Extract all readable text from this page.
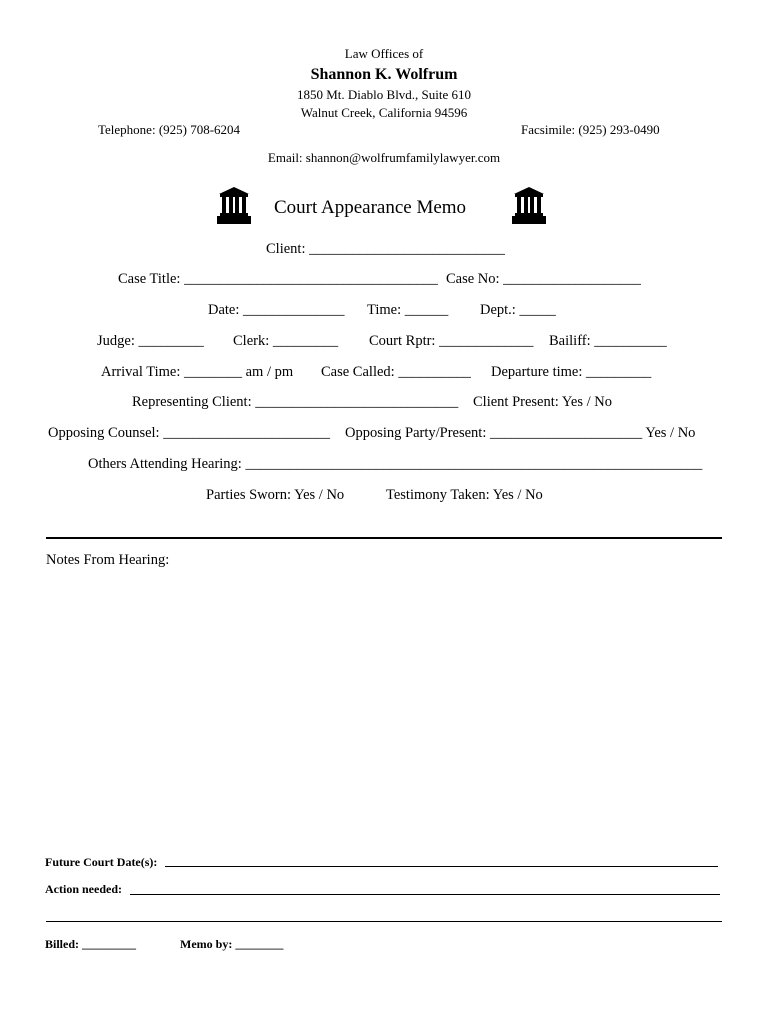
Law Offices of
Shannon K. Wolfrum
1850 Mt. Diablo Blvd., Suite 610
Walnut Creek, California 94596
Telephone: (925) 708-6204	Facsimile: (925) 293-0490
Email: shannon@wolfrumfamilylawyer.com
Court Appearance Memo
Client: ___________________________
Case Title: ___________________________________ Case No: ___________________
Date: ______________ Time: ______ Dept.: _____
Judge: _________ Clerk: _________ Court Rptr: _____________ Bailiff: __________
Arrival Time: ________ am / pm Case Called: __________ Departure time: _________
Representing Client: ____________________________ Client Present: Yes / No
Opposing Counsel: _______________________ Opposing Party/Present: _____________________ Yes / No
Others Attending Hearing: _______________________________________________________________
Parties Sworn: Yes / No	Testimony Taken: Yes / No
Notes From Hearing:
Future Court Date(s):
Action needed:
Billed: _________	Memo by: ________
